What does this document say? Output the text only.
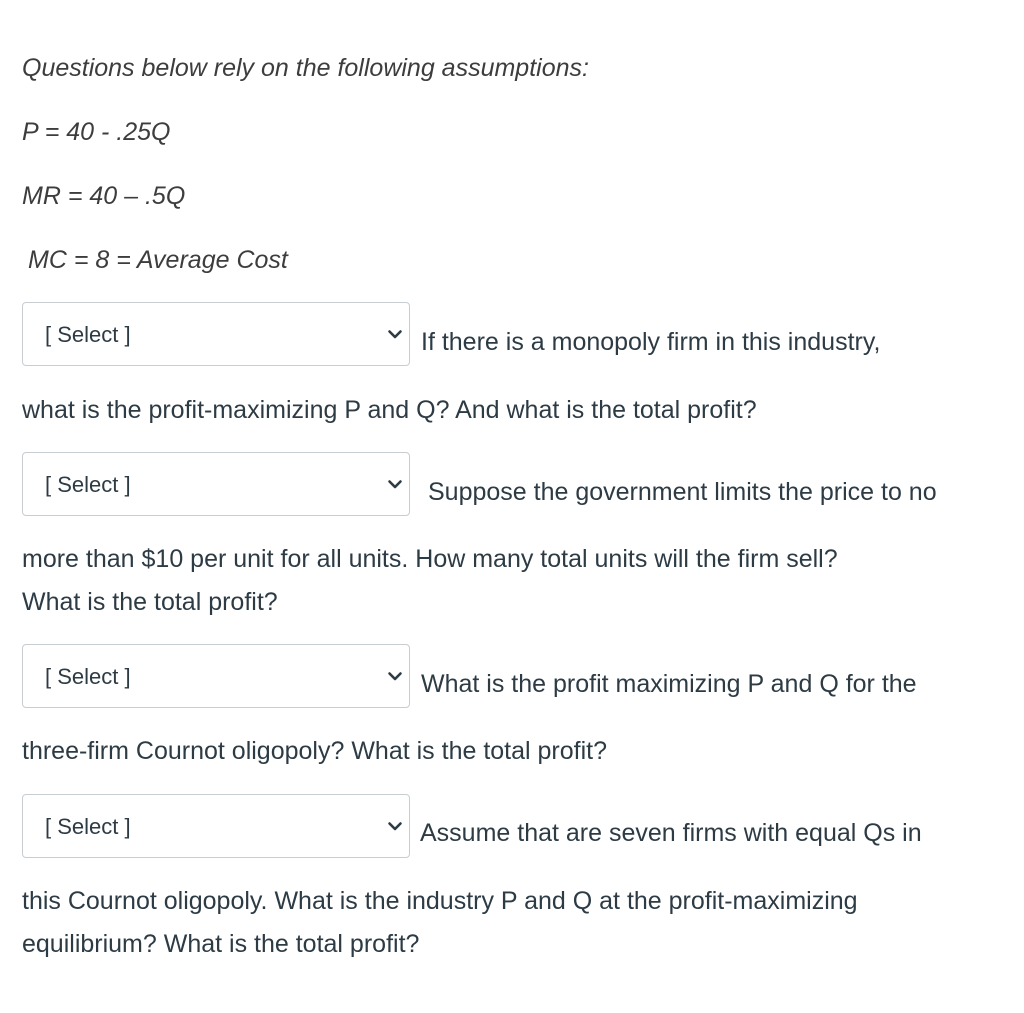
Questions below rely on the following assumptions:
P = 40 - .25Q
MR = 40 – .5Q
MC = 8 = Average Cost
[ Select ]	If there is a monopoly firm in this industry,
what is the profit-maximizing P and Q? And what is the total profit?
[ Select ]	Suppose the government limits the price to no
more than $10 per unit for all units. How many total units will the firm sell?
What is the total profit?
[ Select ]	What is the profit maximizing P and Q for the
three-firm Cournot oligopoly? What is the total profit?
[ Select ]	Assume that are seven firms with equal Qs in
this Cournot oligopoly. What is the industry P and Q at the profit-maximizing
equilibrium? What is the total profit?
